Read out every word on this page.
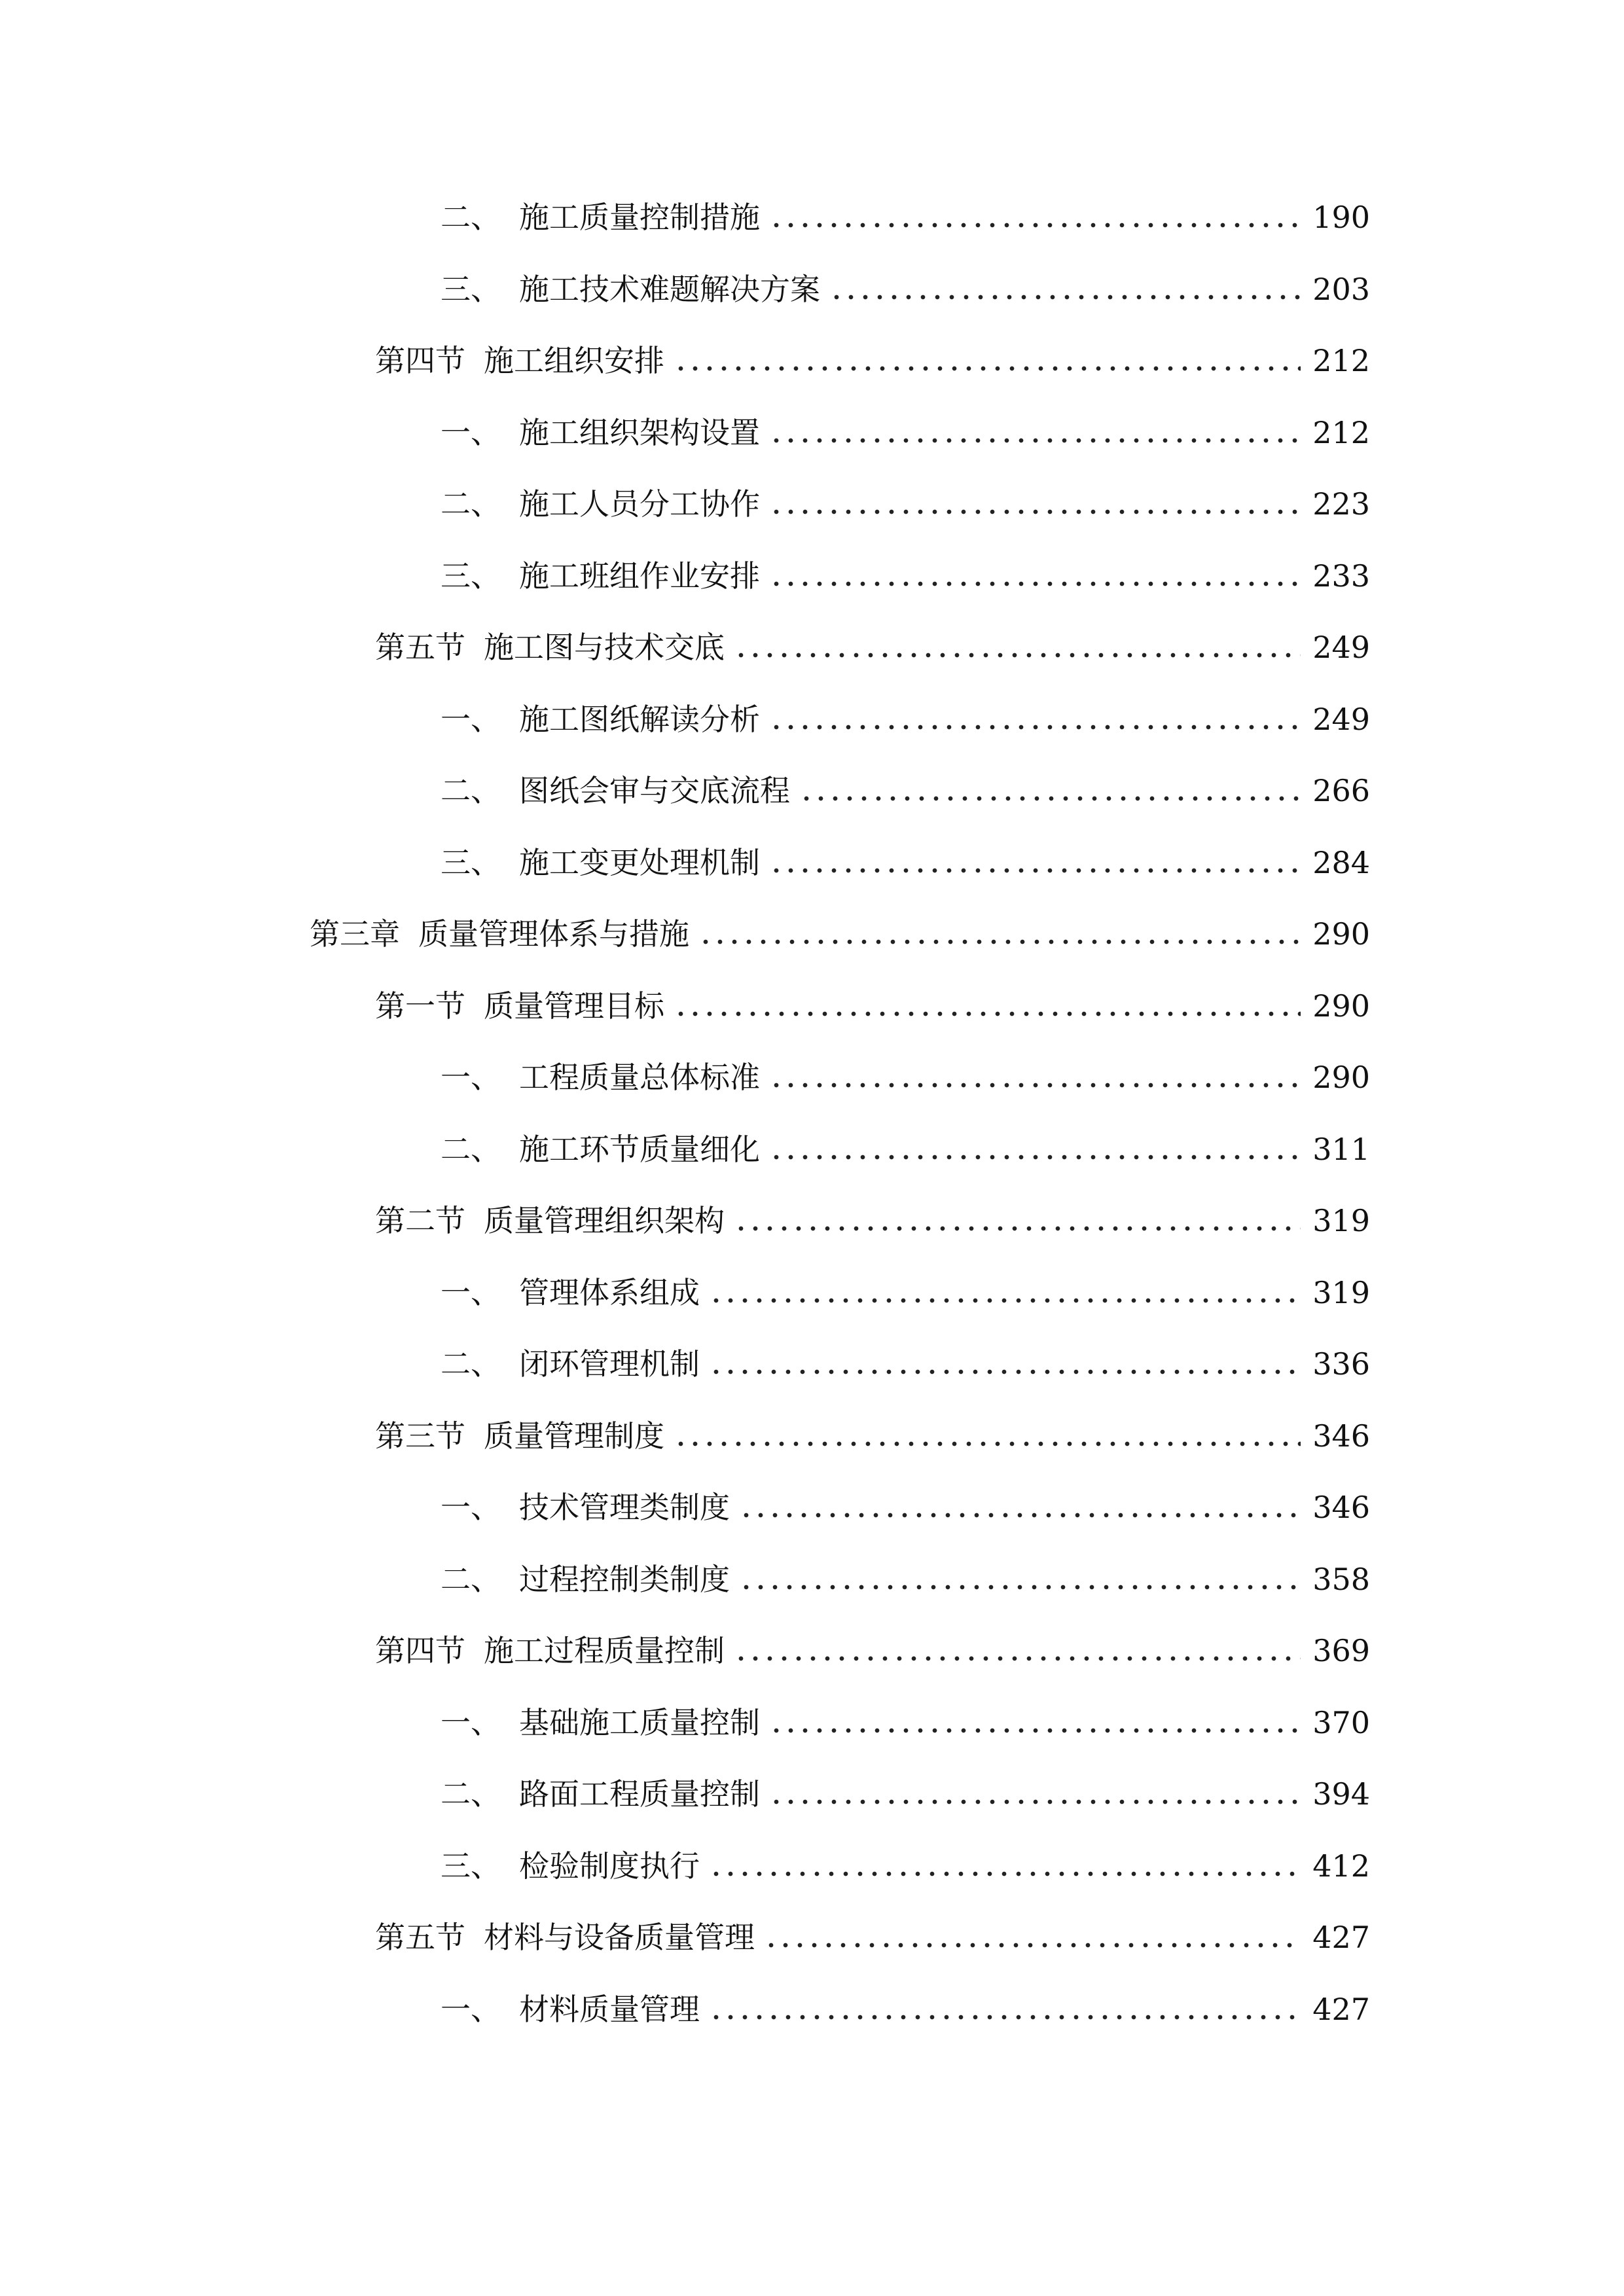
二、 施工质量控制措施	190
三、 施工技术难题解决方案	203
第四节 施工组织安排	212
一、 施工组织架构设置	212
二、 施工人员分工协作	223
三、 施工班组作业安排	233
第五节 施工图与技术交底	249
一、 施工图纸解读分析	249
二、 图纸会审与交底流程	266
三、 施工变更处理机制	284
第三章 质量管理体系与措施	290
第一节 质量管理目标	290
一、 工程质量总体标准	290
二、 施工环节质量细化	311
第二节 质量管理组织架构	319
一、 管理体系组成	319
二、 闭环管理机制	336
第三节 质量管理制度	346
一、 技术管理类制度	346
二、 过程控制类制度	358
第四节 施工过程质量控制	369
一、 基础施工质量控制	370
二、 路面工程质量控制	394
三、 检验制度执行	412
第五节 材料与设备质量管理	427
一、 材料质量管理	427
